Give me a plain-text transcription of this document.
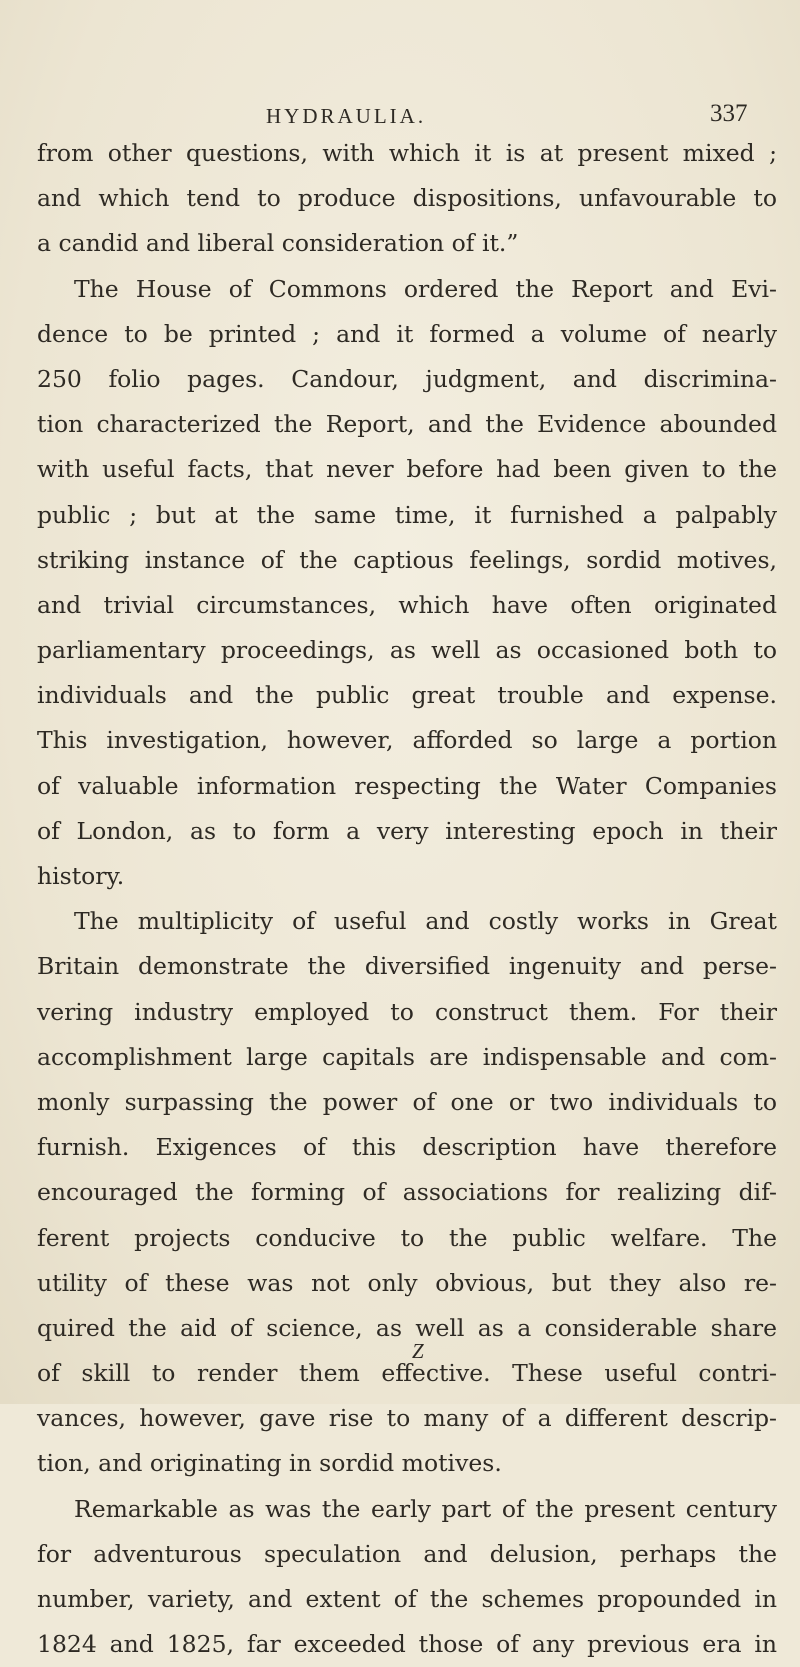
HYDRAULIA.	337
from other questions, with which it is at present mixed ;
and which tend to produce dispositions, unfavourable to
a candid and liberal consideration of it.”
The House of Commons ordered the Report and Evi-
dence to be printed ; and it formed a volume of nearly
250 folio pages. Candour, judgment, and discrimina-
tion characterized the Report, and the Evidence abounded
with useful facts, that never before had been given to the
public ; but at the same time, it furnished a palpably
striking instance of the captious feelings, sordid motives,
and trivial circumstances, which have often originated
parliamentary proceedings, as well as occasioned both to
individuals and the public great trouble and expense.
This investigation, however, afforded so large a portion
of valuable information respecting the Water Companies
of London, as to form a very interesting epoch in their
history.
The multiplicity of useful and costly works in Great
Britain demonstrate the diversified ingenuity and perse-
vering industry employed to construct them. For their
accomplishment large capitals are indispensable and com-
monly surpassing the power of one or two individuals to
furnish. Exigences of this description have therefore
encouraged the forming of associations for realizing dif-
ferent projects conducive to the public welfare. The
utility of these was not only obvious, but they also re-
quired the aid of science, as well as a considerable share
of skill to render them effective. These useful contri-
vances, however, gave rise to many of a different descrip-
tion, and originating in sordid motives.
Remarkable as was the early part of the present century
for adventurous speculation and delusion, perhaps the
number, variety, and extent of the schemes propounded in
1824 and 1825, far exceeded those of any previous era in
Z
